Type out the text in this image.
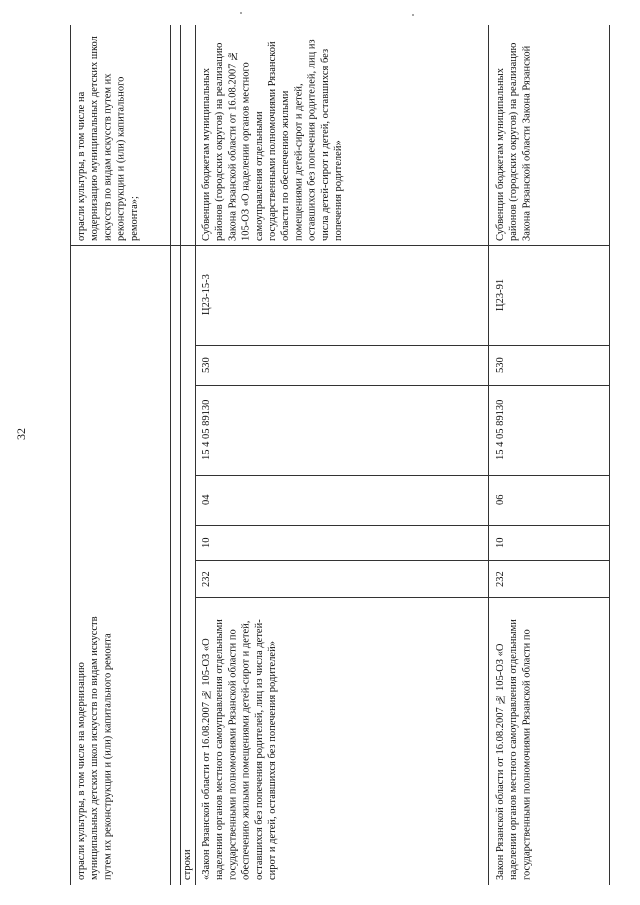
32
отрасли культуры, в том числе на модернизацию муниципальных детских школ искусств по видам искусств путем их реконструкции и (или) капитального ремонта»;
отрасли культуры, в том числе на модернизацию муниципальных детских школ искусств по видам искусств путем их реконструкции и (или) капитального ремонта	строки
Субвенции бюджетам муниципальных районов (городских округов) на реализацию Закона Рязанской области от 16.08.2007 № 105-ОЗ «О наделении органов местного самоуправления отдельными государственными полномочиями Рязанской области по обеспечению жилыми помещениями детей-сирот и детей, оставшихся без попечения родителей, лиц из числа детей-сирот и детей, оставшихся без попечения родителей»
Ц23-15-3
530
15 4 05 89130
04
10
232
«Закон Рязанской области от 16.08.2007 № 105-ОЗ «О наделении органов местного самоуправления отдельными государственными полномочиями Рязанской области по обеспечению жилыми помещениями детей-сирот и детей, оставшихся без попечения родителей, лиц из числа детей-сирот и детей, оставшихся без попечения родителей»
Субвенции бюджетам муниципальных районов (городских округов) на реализацию Закона Рязанской области Закона Рязанской
Ц23-91
530
15 4 05 89130
06
10
232
Закон Рязанской области от 16.08.2007 № 105-ОЗ «О наделении органов местного самоуправления отдельными государственными полномочиями Рязанской области по
